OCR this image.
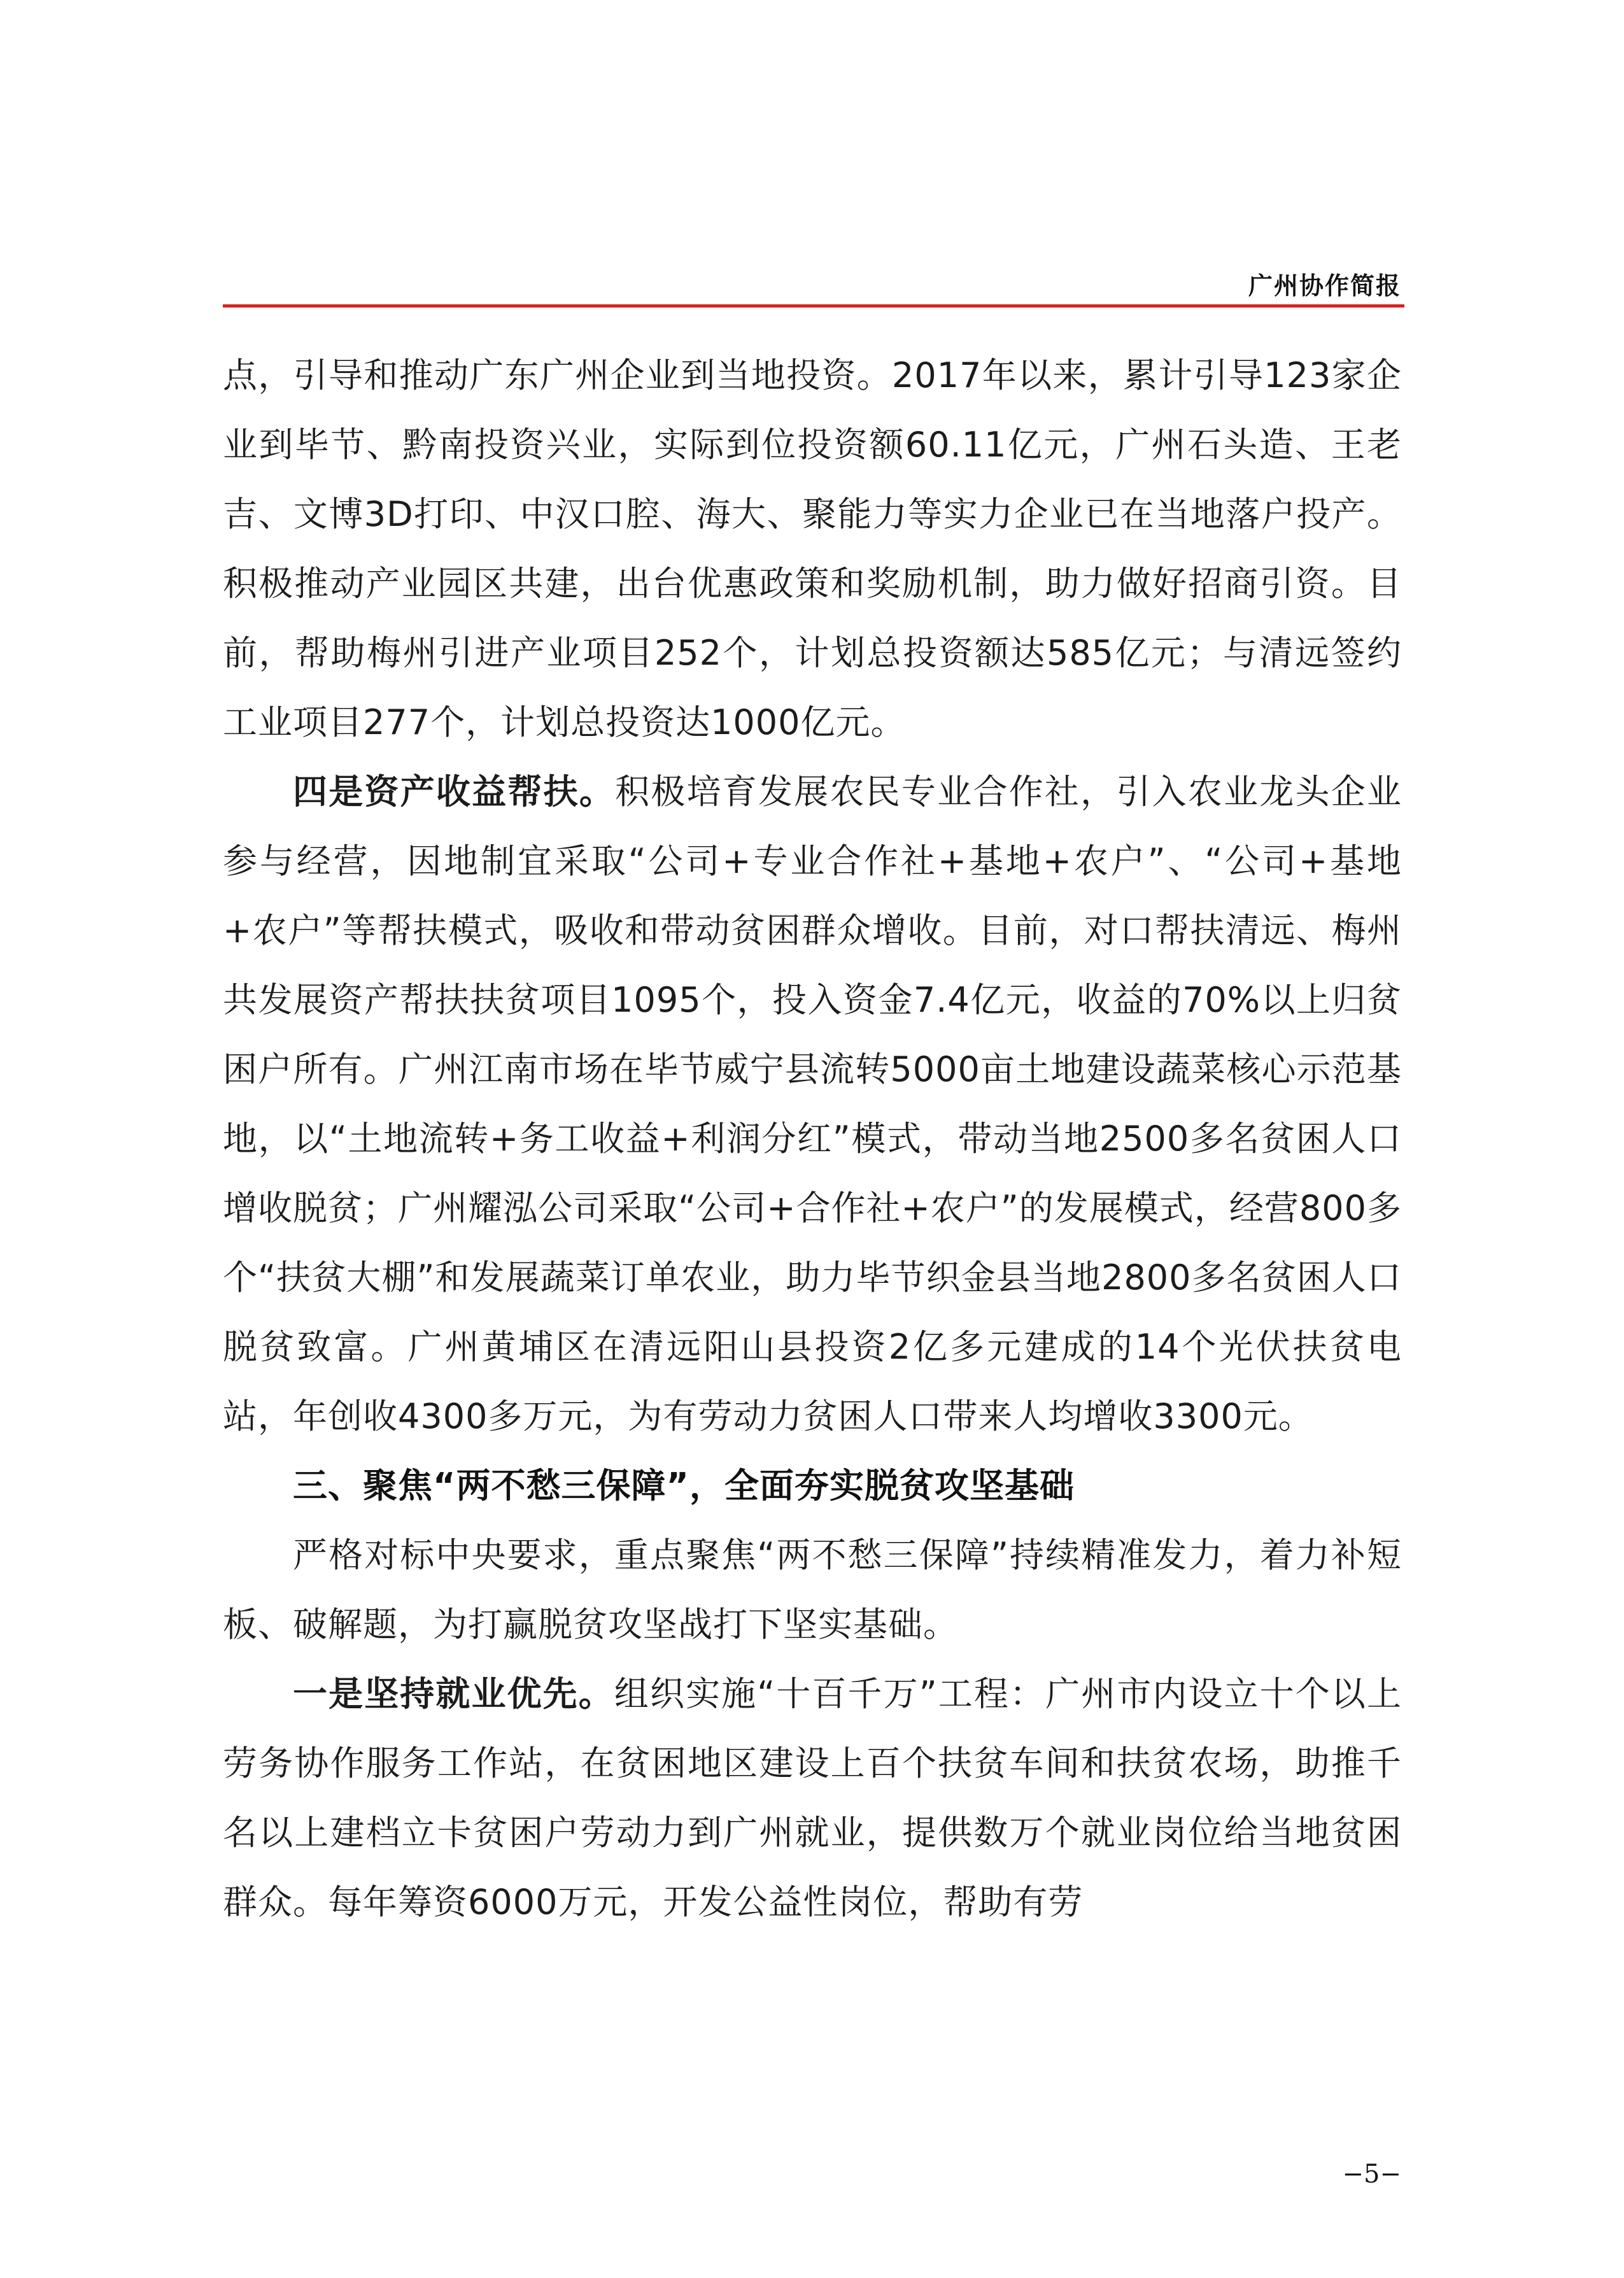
广州协作简报

点，引导和推动广东广州企业到当地投资。2017年以来，累计引导123家企业到毕节、黔南投资兴业，实际到位投资额60.11亿元，广州石头造、王老吉、文博3D打印、中汉口腔、海大、聚能力等实力企业已在当地落户投产。积极推动产业园区共建，出台优惠政策和奖励机制，助力做好招商引资。目前，帮助梅州引进产业项目252个，计划总投资额达585亿元；与清远签约工业项目277个，计划总投资达1000亿元。

四是资产收益帮扶。积极培育发展农民专业合作社，引入农业龙头企业参与经营，因地制宜采取“公司+专业合作社+基地+农户”、“公司+基地+农户”等帮扶模式，吸收和带动贫困群众增收。目前，对口帮扶清远、梅州共发展资产帮扶扶贫项目1095个，投入资金7.4亿元，收益的70%以上归贫困户所有。广州江南市场在毕节威宁县流转5000亩土地建设蔬菜核心示范基地，以“土地流转+务工收益+利润分红”模式，带动当地2500多名贫困人口增收脱贫；广州耀泓公司采取“公司+合作社+农户”的发展模式，经营800多个“扶贫大棚”和发展蔬菜订单农业，助力毕节织金县当地2800多名贫困人口脱贫致富。广州黄埔区在清远阳山县投资2亿多元建成的14个光伏扶贫电站，年创收4300多万元，为有劳动力贫困人口带来人均增收3300元。

三、聚焦“两不愁三保障”，全面夯实脱贫攻坚基础

严格对标中央要求，重点聚焦“两不愁三保障”持续精准发力，着力补短板、破解题，为打赢脱贫攻坚战打下坚实基础。

一是坚持就业优先。组织实施“十百千万”工程：广州市内设立十个以上劳务协作服务工作站，在贫困地区建设上百个扶贫车间和扶贫农场，助推千名以上建档立卡贫困户劳动力到广州就业，提供数万个就业岗位给当地贫困群众。每年筹资6000万元，开发公益性岗位，帮助有劳

−5−
